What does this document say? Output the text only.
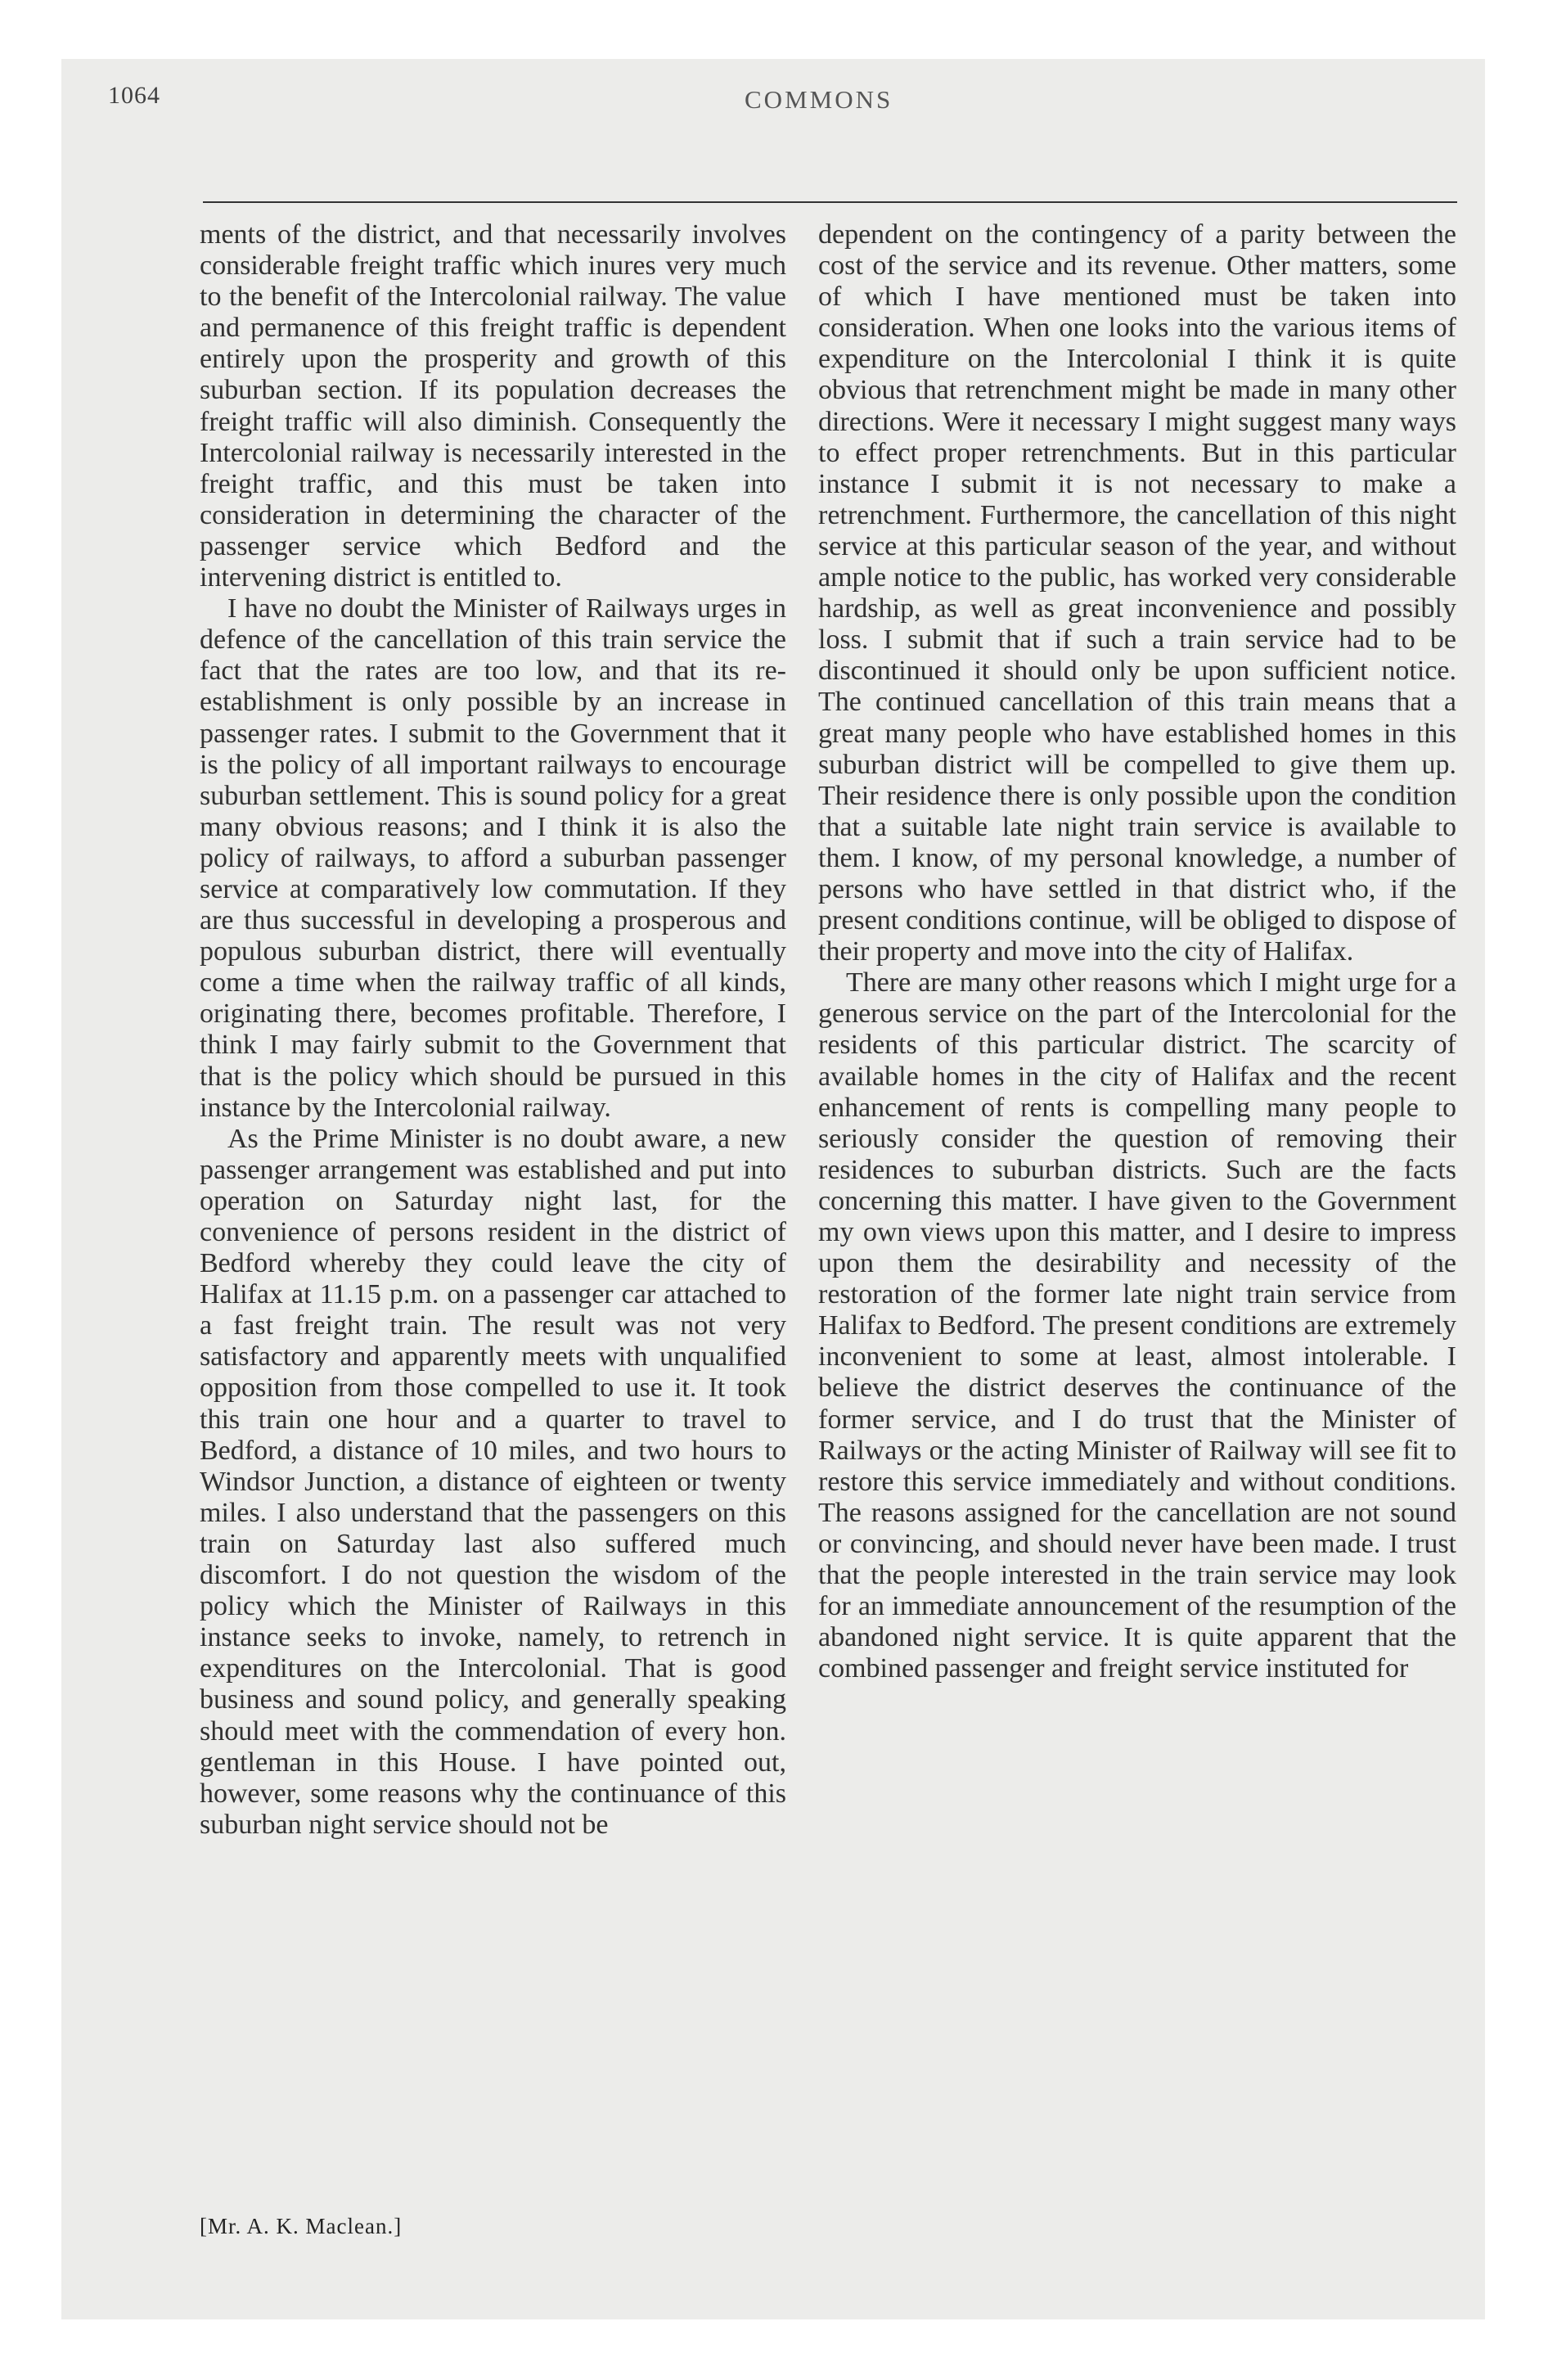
1064	COMMONS

ments of the district, and that necessarily involves considerable freight traffic which inures very much to the benefit of the Intercolonial railway. The value and permanence of this freight traffic is dependent entirely upon the prosperity and growth of this suburban section. If its population decreases the freight traffic will also diminish. Consequently the Intercolonial railway is necessarily interested in the freight traffic, and this must be taken into consideration in determining the character of the passenger service which Bedford and the intervening district is entitled to.

I have no doubt the Minister of Railways urges in defence of the cancellation of this train service the fact that the rates are too low, and that its re-establishment is only possible by an increase in passenger rates. I submit to the Government that it is the policy of all important railways to encourage suburban settlement. This is sound policy for a great many obvious reasons; and I think it is also the policy of railways, to afford a suburban passenger service at comparatively low commutation. If they are thus successful in developing a prosperous and populous suburban district, there will eventually come a time when the railway traffic of all kinds, originating there, becomes profitable. Therefore, I think I may fairly submit to the Government that that is the policy which should be pursued in this instance by the Intercolonial railway.

As the Prime Minister is no doubt aware, a new passenger arrangement was established and put into operation on Saturday night last, for the convenience of persons resident in the district of Bedford whereby they could leave the city of Halifax at 11.15 p.m. on a passenger car attached to a fast freight train. The result was not very satisfactory and apparently meets with unqualified opposition from those compelled to use it. It took this train one hour and a quarter to travel to Bedford, a distance of 10 miles, and two hours to Windsor Junction, a distance of eighteen or twenty miles. I also understand that the passengers on this train on Saturday last also suffered much discomfort. I do not question the wisdom of the policy which the Minister of Railways in this instance seeks to invoke, namely, to retrench in expenditures on the Intercolonial. That is good business and sound policy, and generally speaking should meet with the commendation of every hon. gentleman in this House. I have pointed out, however, some reasons why the continuance of this suburban night service should not be

dependent on the contingency of a parity between the cost of the service and its revenue. Other matters, some of which I have mentioned must be taken into consideration. When one looks into the various items of expenditure on the Intercolonial I think it is quite obvious that retrenchment might be made in many other directions. Were it necessary I might suggest many ways to effect proper retrenchments. But in this particular instance I submit it is not necessary to make a retrenchment. Furthermore, the cancellation of this night service at this particular season of the year, and without ample notice to the public, has worked very considerable hardship, as well as great inconvenience and possibly loss. I submit that if such a train service had to be discontinued it should only be upon sufficient notice. The continued cancellation of this train means that a great many people who have established homes in this suburban district will be compelled to give them up. Their residence there is only possible upon the condition that a suitable late night train service is available to them. I know, of my personal knowledge, a number of persons who have settled in that district who, if the present conditions continue, will be obliged to dispose of their property and move into the city of Halifax.

There are many other reasons which I might urge for a generous service on the part of the Intercolonial for the residents of this particular district. The scarcity of available homes in the city of Halifax and the recent enhancement of rents is compelling many people to seriously consider the question of removing their residences to suburban districts. Such are the facts concerning this matter. I have given to the Government my own views upon this matter, and I desire to impress upon them the desirability and necessity of the restoration of the former late night train service from Halifax to Bedford. The present conditions are extremely inconvenient to some at least, almost intolerable. I believe the district deserves the continuance of the former service, and I do trust that the Minister of Railways or the acting Minister of Railway will see fit to restore this service immediately and without conditions. The reasons assigned for the cancellation are not sound or convincing, and should never have been made. I trust that the people interested in the train service may look for an immediate announcement of the resumption of the abandoned night service. It is quite apparent that the combined passenger and freight service instituted for

[Mr. A. K. Maclean.]
